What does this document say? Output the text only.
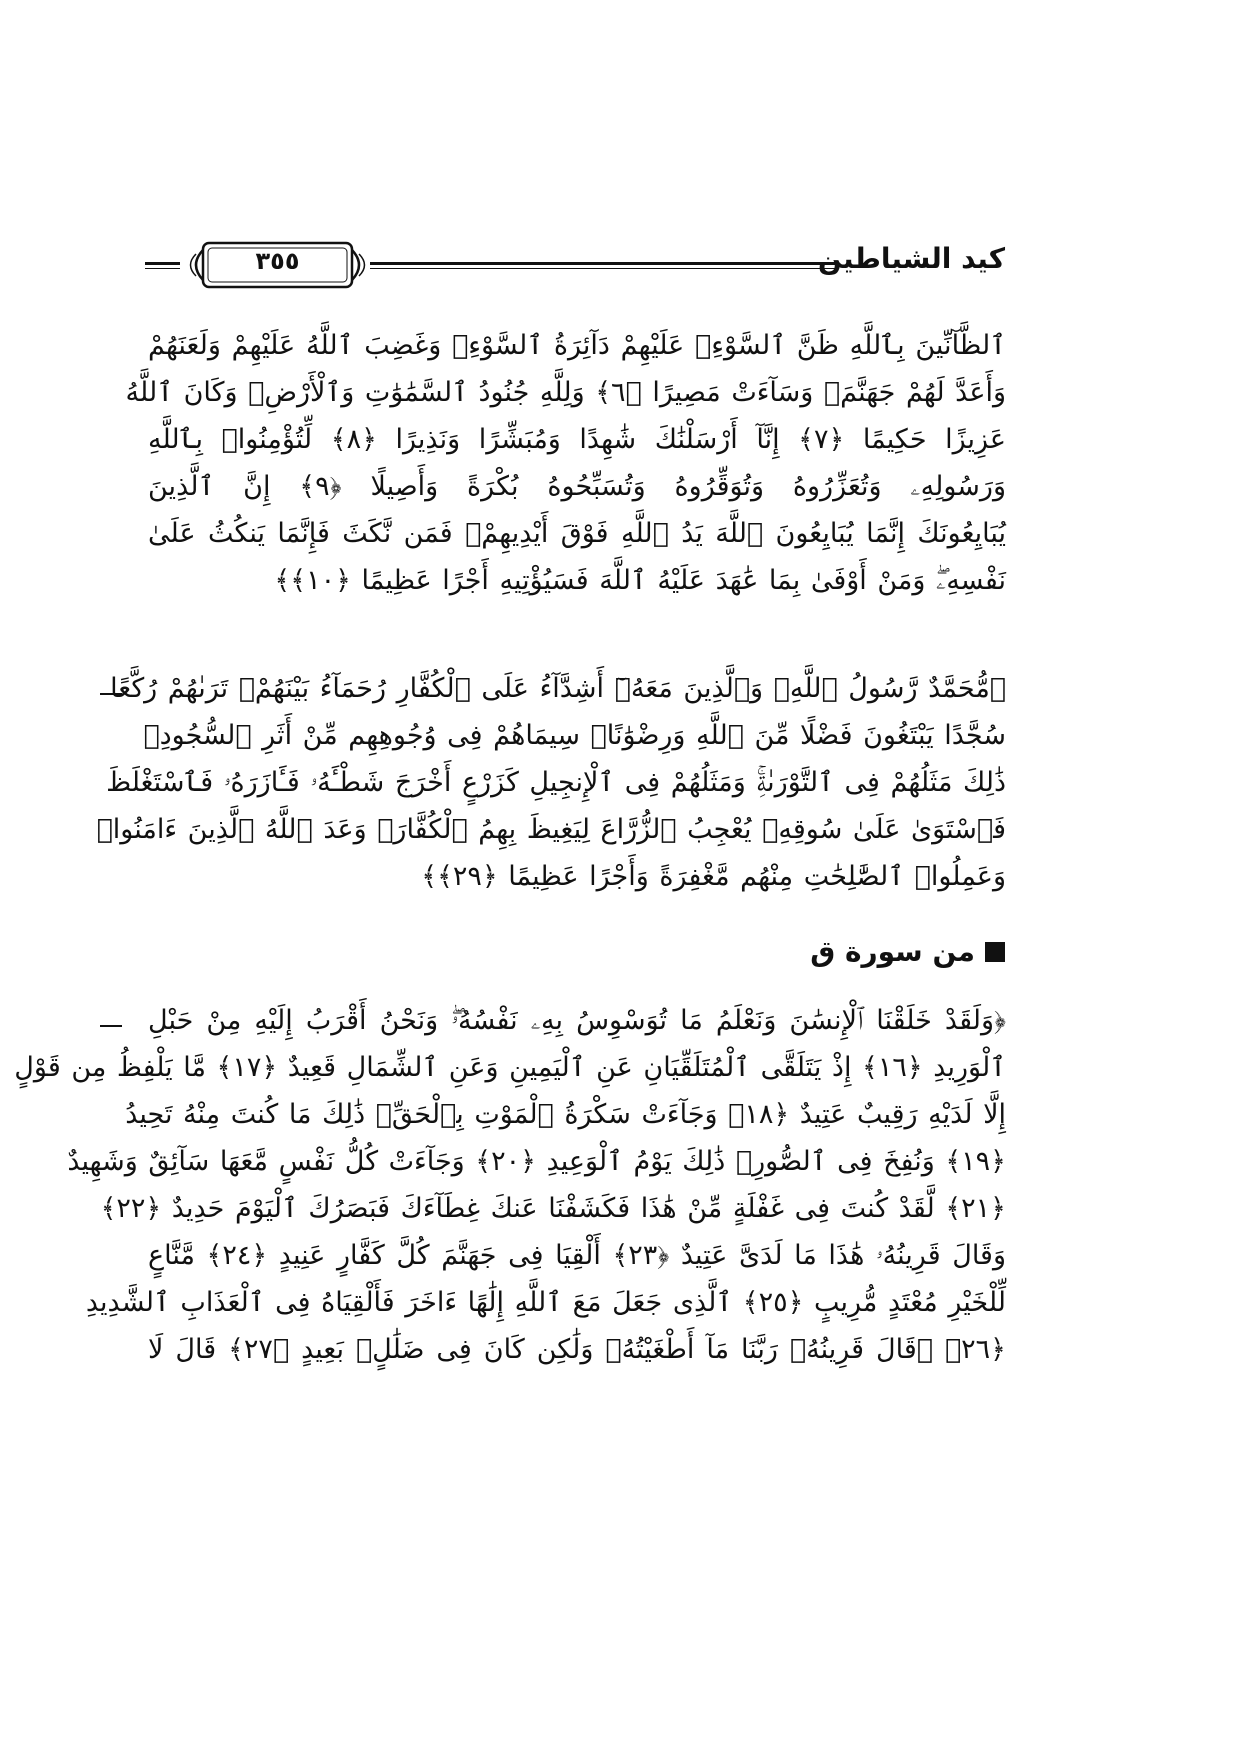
كيد الشياطين
٣٥٥
ٱلظَّآنِّينَ بِٱللَّهِ ظَنَّ ٱلسَّوْءِۚ عَلَيْهِمْ دَآئِرَةُ ٱلسَّوْءِۖ وَغَضِبَ ٱللَّهُ عَلَيْهِمْ وَلَعَنَهُمْ
وَأَعَدَّ لَهُمْ جَهَنَّمَۖ وَسَآءَتْ مَصِيرًا ﴿٦﴾ وَلِلَّهِ جُنُودُ ٱلسَّمَٰوَٰتِ وَٱلْأَرْضِۚ وَكَانَ ٱللَّهُ
عَزِيزًا حَكِيمًا ﴿٧﴾ إِنَّآ أَرْسَلْنَٰكَ شَٰهِدًا وَمُبَشِّرًا وَنَذِيرًا ﴿٨﴾ لِّتُؤْمِنُوا۟ بِٱللَّهِ
وَرَسُولِهِۦ وَتُعَزِّرُوهُ وَتُوَقِّرُوهُ وَتُسَبِّحُوهُ بُكْرَةً وَأَصِيلًا ﴿٩﴾ إِنَّ ٱلَّذِينَ
يُبَايِعُونَكَ إِنَّمَا يُبَايِعُونَ ٱللَّهَ يَدُ ٱللَّهِ فَوْقَ أَيْدِيهِمْۚ فَمَن نَّكَثَ فَإِنَّمَا يَنكُثُ عَلَىٰ
نَفْسِهِۦۖ وَمَنْ أَوْفَىٰ بِمَا عَٰهَدَ عَلَيْهُ ٱللَّهَ فَسَيُؤْتِيهِ أَجْرًا عَظِيمًا ﴿١٠﴾﴾
﴿مُّحَمَّدٌ رَّسُولُ ٱللَّهِۚ وَٱلَّذِينَ مَعَهُۥٓ أَشِدَّآءُ عَلَى ٱلْكُفَّارِ رُحَمَآءُ بَيْنَهُمْۖ تَرَىٰهُمْ رُكَّعًا
سُجَّدًا يَبْتَغُونَ فَضْلًا مِّنَ ٱللَّهِ وَرِضْوَٰنًاۖ سِيمَاهُمْ فِى وُجُوهِهِم مِّنْ أَثَرِ ٱلسُّجُودِۚ
ذَٰلِكَ مَثَلُهُمْ فِى ٱلتَّوْرَىٰةِۚ وَمَثَلُهُمْ فِى ٱلْإِنجِيلِ كَزَرْعٍ أَخْرَجَ شَطْـَٔهُۥ فَـَٔازَرَهُۥ فَٱسْتَغْلَظَ
فَٱسْتَوَىٰ عَلَىٰ سُوقِهِۦ يُعْجِبُ ٱلزُّرَّاعَ لِيَغِيظَ بِهِمُ ٱلْكُفَّارَۗ وَعَدَ ٱللَّهُ ٱلَّذِينَ ءَامَنُوا۟
وَعَمِلُوا۟ ٱلصَّٰلِحَٰتِ مِنْهُم مَّغْفِرَةً وَأَجْرًا عَظِيمًا ﴿٢٩﴾﴾
من سورة ق
﴿وَلَقَدْ خَلَقْنَا ٱلْإِنسَٰنَ وَنَعْلَمُ مَا تُوَسْوِسُ بِهِۦ نَفْسُهُۥۖ وَنَحْنُ أَقْرَبُ إِلَيْهِ مِنْ حَبْلِ
ٱلْوَرِيدِ ﴿١٦﴾ إِذْ يَتَلَقَّى ٱلْمُتَلَقِّيَانِ عَنِ ٱلْيَمِينِ وَعَنِ ٱلشِّمَالِ قَعِيدٌ ﴿١٧﴾ مَّا يَلْفِظُ مِن قَوْلٍ
إِلَّا لَدَيْهِ رَقِيبٌ عَتِيدٌ ﴿١٨﴾ وَجَآءَتْ سَكْرَةُ ٱلْمَوْتِ بِٱلْحَقِّۖ ذَٰلِكَ مَا كُنتَ مِنْهُ تَحِيدُ
﴿١٩﴾ وَنُفِخَ فِى ٱلصُّورِۚ ذَٰلِكَ يَوْمُ ٱلْوَعِيدِ ﴿٢٠﴾ وَجَآءَتْ كُلُّ نَفْسٍ مَّعَهَا سَآئِقٌ وَشَهِيدٌ
﴿٢١﴾ لَّقَدْ كُنتَ فِى غَفْلَةٍ مِّنْ هَٰذَا فَكَشَفْنَا عَنكَ غِطَآءَكَ فَبَصَرُكَ ٱلْيَوْمَ حَدِيدٌ ﴿٢٢﴾
وَقَالَ قَرِينُهُۥ هَٰذَا مَا لَدَىَّ عَتِيدٌ ﴿٢٣﴾ أَلْقِيَا فِى جَهَنَّمَ كُلَّ كَفَّارٍ عَنِيدٍ ﴿٢٤﴾ مَّنَّاعٍ
لِّلْخَيْرِ مُعْتَدٍ مُّرِيبٍ ﴿٢٥﴾ ٱلَّذِى جَعَلَ مَعَ ٱللَّهِ إِلَٰهًا ءَاخَرَ فَأَلْقِيَاهُ فِى ٱلْعَذَابِ ٱلشَّدِيدِ
﴿٢٦﴾ ۞قَالَ قَرِينُهُۥ رَبَّنَا مَآ أَطْغَيْتُهُۥ وَلَٰكِن كَانَ فِى ضَلَٰلٍۭ بَعِيدٍ ﴿٢٧﴾ قَالَ لَا
